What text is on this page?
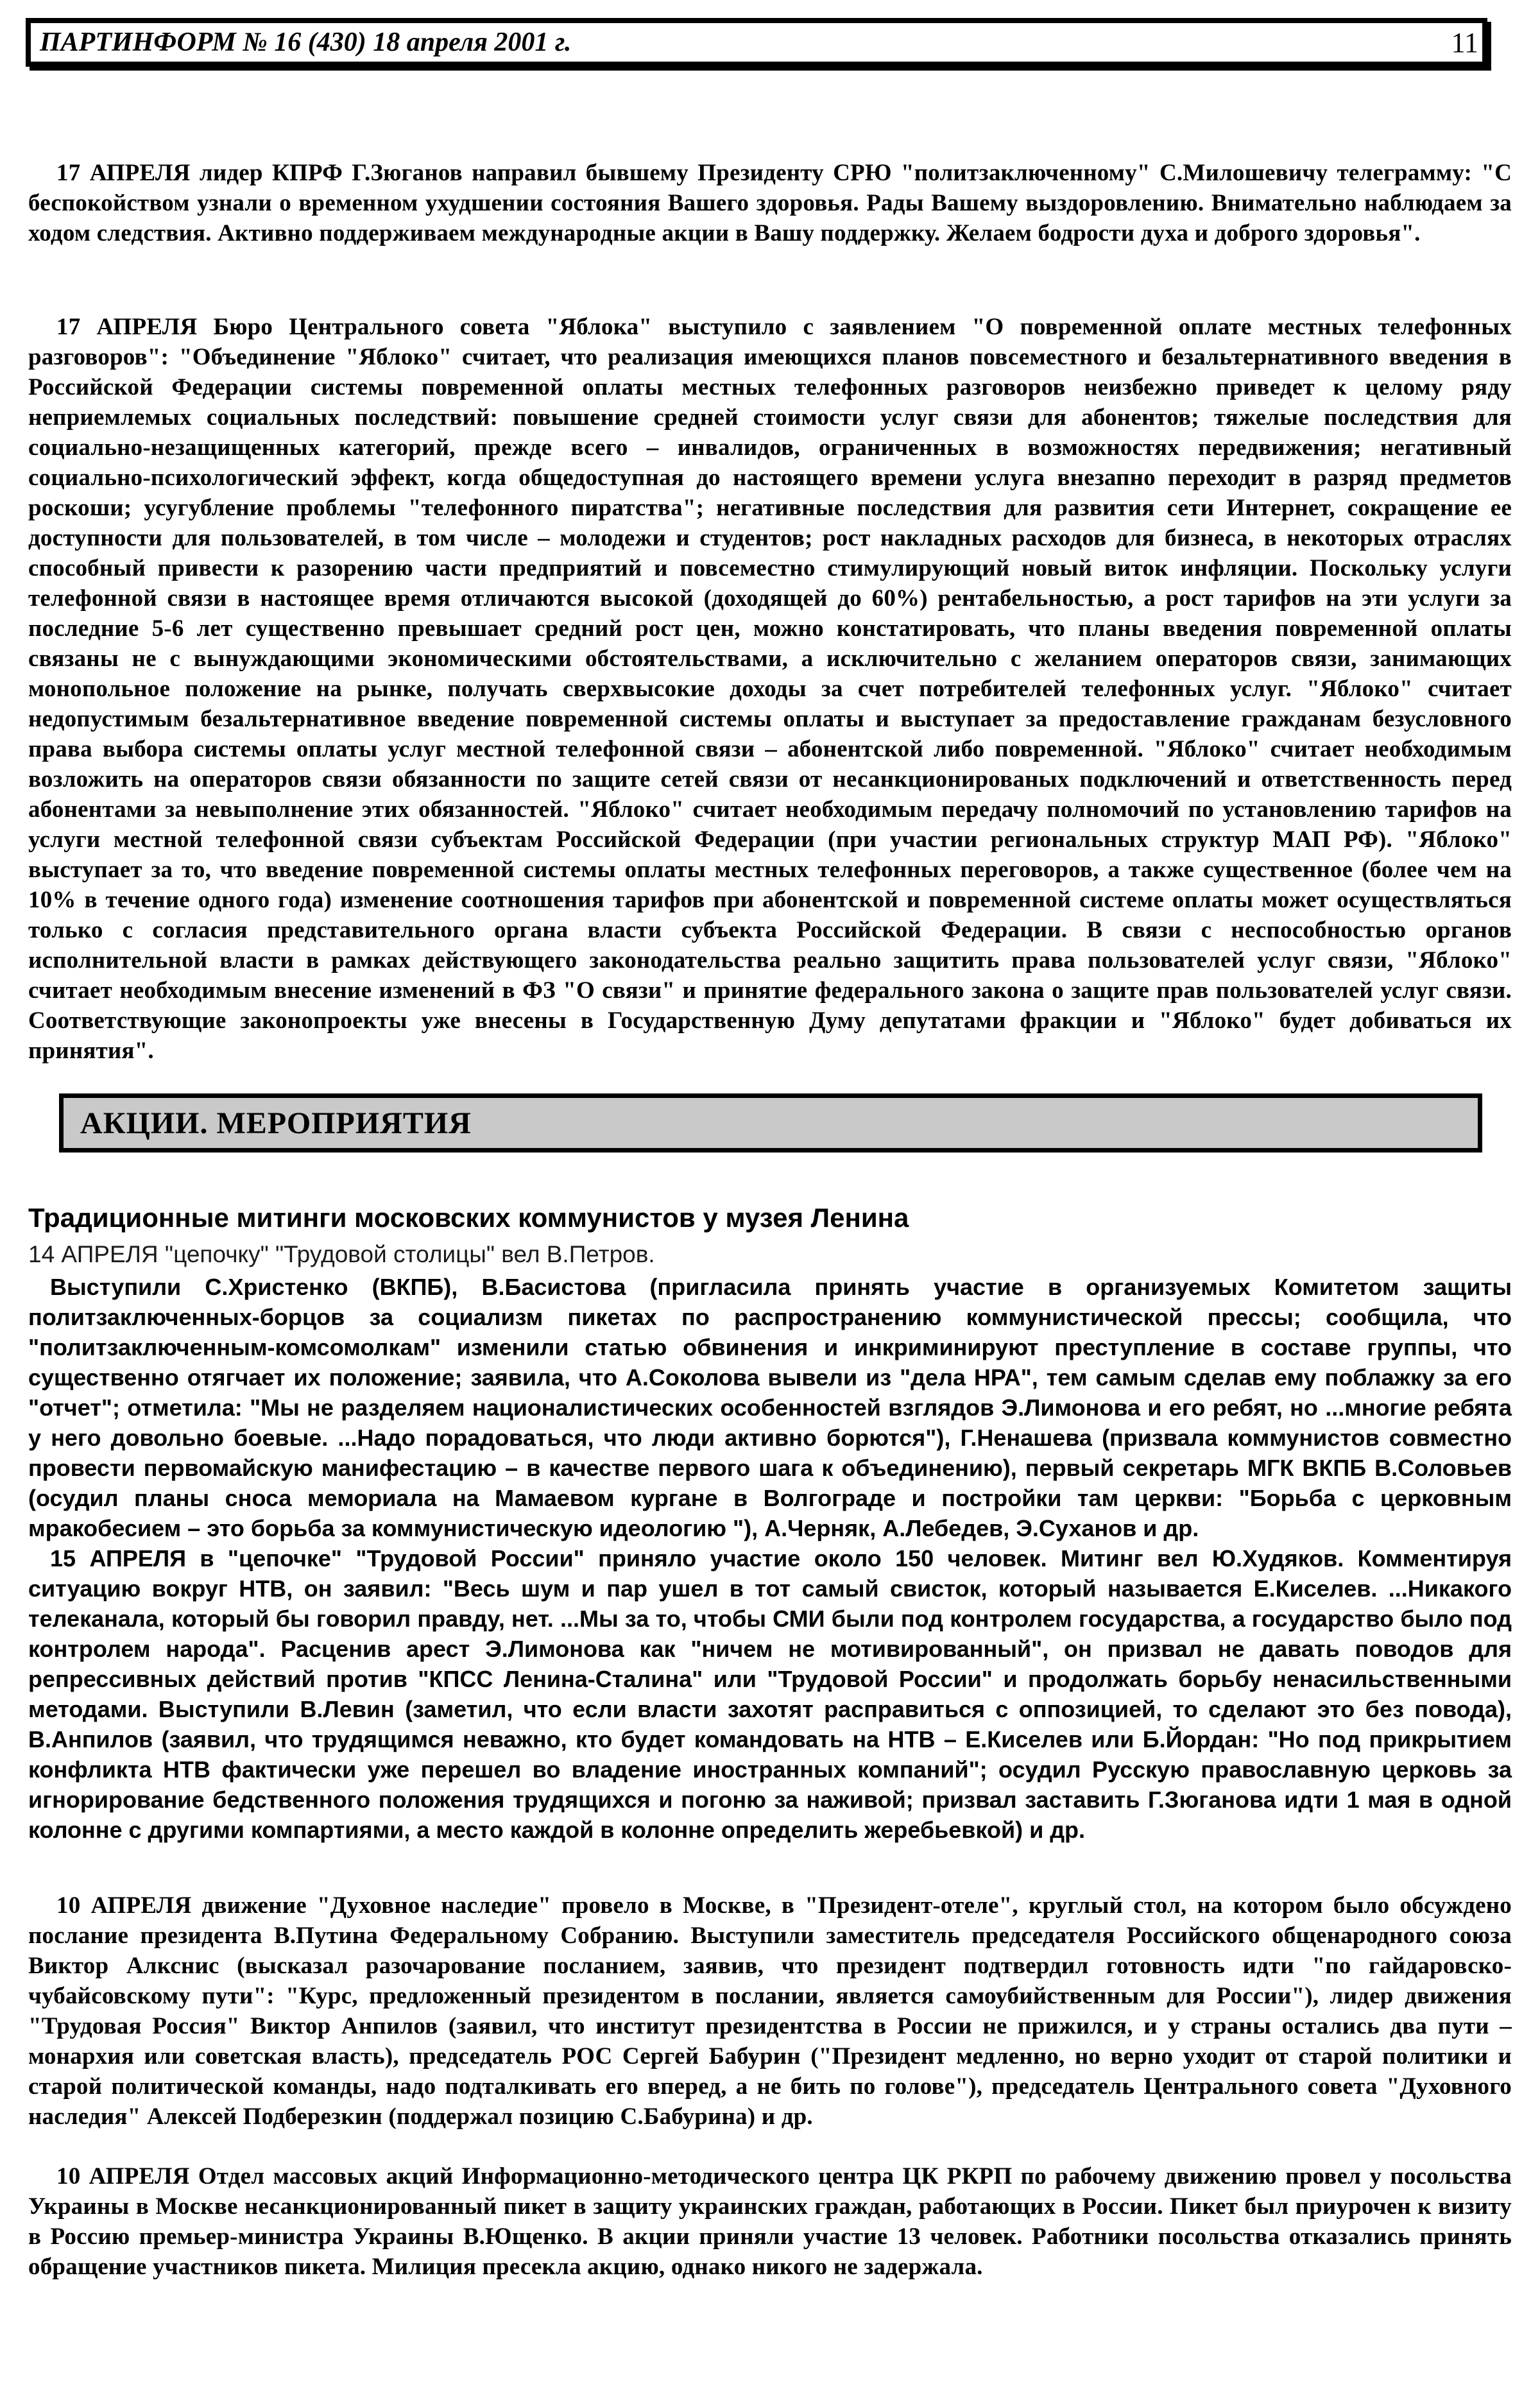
ПАРТИНФОРМ № 16 (430) 18 апреля 2001 г.	11
17 АПРЕЛЯ лидер КПРФ Г.Зюганов направил бывшему Президенту СРЮ "политзаключенному" С.Милошевичу телеграмму: "С беспокойством узнали о временном ухудшении состояния Вашего здоровья. Рады Вашему выздоровлению. Внимательно наблюдаем за ходом следствия. Активно поддерживаем международные акции в Вашу поддержку. Желаем бодрости духа и доброго здоровья".
17 АПРЕЛЯ Бюро Центрального совета "Яблока" выступило с заявлением "О повременной оплате местных телефонных разговоров": "Объединение "Яблоко" считает, что реализация имеющихся планов повсеместного и безальтернативного введения в Российской Федерации системы повременной оплаты местных телефонных разговоров неизбежно приведет к целому ряду неприемлемых социальных последствий: повышение средней стоимости услуг связи для абонентов; тяжелые последствия для социально-незащищенных категорий, прежде всего – инвалидов, ограниченных в возможностях передвижения; негативный социально-психологический эффект, когда общедоступная до настоящего времени услуга внезапно переходит в разряд предметов роскоши; усугубление проблемы "телефонного пиратства"; негативные последствия для развития сети Интернет, сокращение ее доступности для пользователей, в том числе – молодежи и студентов; рост накладных расходов для бизнеса, в некоторых отраслях способный привести к разорению части предприятий и повсеместно стимулирующий новый виток инфляции. Поскольку услуги телефонной связи в настоящее время отличаются высокой (доходящей до 60%) рентабельностью, а рост тарифов на эти услуги за последние 5-6 лет существенно превышает средний рост цен, можно констатировать, что планы введения повременной оплаты связаны не с вынуждающими экономическими обстоятельствами, а исключительно с желанием операторов связи, занимающих монопольное положение на рынке, получать сверхвысокие доходы за счет потребителей телефонных услуг. "Яблоко" считает недопустимым безальтернативное введение повременной системы оплаты и выступает за предоставление гражданам безусловного права выбора системы оплаты услуг местной телефонной связи – абонентской либо повременной. "Яблоко" считает необходимым возложить на операторов связи обязанности по защите сетей связи от несанкционированых подключений и ответственность перед абонентами за невыполнение этих обязанностей. "Яблоко" считает необходимым передачу полномочий по установлению тарифов на услуги местной телефонной связи субъектам Российской Федерации (при участии региональных структур МАП РФ). "Яблоко" выступает за то, что введение повременной системы оплаты местных телефонных переговоров, а также существенное (более чем на 10% в течение одного года) изменение соотношения тарифов при абонентской и повременной системе оплаты может осуществляться только с согласия представительного органа власти субъекта Российской Федерации. В связи с неспособностью органов исполнительной власти в рамках действующего законодательства реально защитить права пользователей услуг связи, "Яблоко" считает необходимым внесение изменений в ФЗ "О связи" и принятие федерального закона о защите прав пользователей услуг связи. Соответствующие законопроекты уже внесены в Государственную Думу депутатами фракции и "Яблоко" будет добиваться их принятия".
АКЦИИ. МЕРОПРИЯТИЯ
Традиционные митинги московских коммунистов у музея Ленина
14 АПРЕЛЯ "цепочку" "Трудовой столицы" вел В.Петров.

Выступили С.Христенко (ВКПБ), В.Басистова (пригласила принять участие в организуемых Комитетом защиты политзаключенных-борцов за социализм пикетах по распространению коммунистической прессы; сообщила, что "политзаключенным-комсомолкам" изменили статью обвинения и инкриминируют преступление в составе группы, что существенно отягчает их положение; заявила, что А.Соколова вывели из "дела НРА", тем самым сделав ему поблажку за его "отчет"; отметила: "Мы не разделяем националистических особенностей взглядов Э.Лимонова и его ребят, но ...многие ребята у него довольно боевые. ...Надо порадоваться, что люди активно борются"), Г.Ненашева (призвала коммунистов совместно провести первомайскую манифестацию – в качестве первого шага к объединению), первый секретарь МГК ВКПБ В.Соловьев (осудил планы сноса мемориала на Мамаевом кургане в Волгограде и постройки там церкви: "Борьба с церковным мракобесием – это борьба за коммунистическую идеологию "), А.Черняк, А.Лебедев, Э.Суханов и др.

15 АПРЕЛЯ в "цепочке" "Трудовой России" приняло участие около 150 человек. Митинг вел Ю.Худяков. Комментируя ситуацию вокруг НТВ, он заявил: "Весь шум и пар ушел в тот самый свисток, который называется Е.Киселев. ...Никакого телеканала, который бы говорил правду, нет. ...Мы за то, чтобы СМИ были под контролем государства, а государство было под контролем народа". Расценив арест Э.Лимонова как "ничем не мотивированный", он призвал не давать поводов для репрессивных действий против "КПСС Ленина-Сталина" или "Трудовой России" и продолжать борьбу ненасильственными методами. Выступили В.Левин (заметил, что если власти захотят расправиться с оппозицией, то сделают это без повода), В.Анпилов (заявил, что трудящимся неважно, кто будет командовать на НТВ – Е.Киселев или Б.Йордан: "Но под прикрытием конфликта НТВ фактически уже перешел во владение иностранных компаний"; осудил Русскую православную церковь за игнорирование бедственного положения трудящихся и погоню за наживой; призвал заставить Г.Зюганова идти 1 мая в одной колонне с другими компартиями, а место каждой в колонне определить жеребьевкой) и др.

10 АПРЕЛЯ движение "Духовное наследие" провело в Москве, в "Президент-отеле", круглый стол, на котором было обсуждено послание президента В.Путина Федеральному Собранию. Выступили заместитель председателя Российского общенародного союза Виктор Алкснис (высказал разочарование посланием, заявив, что президент подтвердил готовность идти "по гайдаровско-чубайсовскому пути": "Курс, предложенный президентом в послании, является самоубийственным для России"), лидер движения "Трудовая Россия" Виктор Анпилов (заявил, что институт президентства в России не прижился, и у страны остались два пути – монархия или советская власть), председатель РОС Сергей Бабурин ("Президент медленно, но верно уходит от старой политики и старой политической команды, надо подталкивать его вперед, а не бить по голове"), председатель Центрального совета "Духовного наследия" Алексей Подберезкин (поддержал позицию С.Бабурина) и др.
10 АПРЕЛЯ Отдел массовых акций Информационно-методического центра ЦК РКРП по рабочему движению провел у посольства Украины в Москве несанкционированный пикет в защиту украинских граждан, работающих в России. Пикет был приурочен к визиту в Россию премьер-министра Украины В.Ющенко. В акции приняли участие 13 человек. Работники посольства отказались принять обращение участников пикета. Милиция пресекла акцию, однако никого не задержала.
